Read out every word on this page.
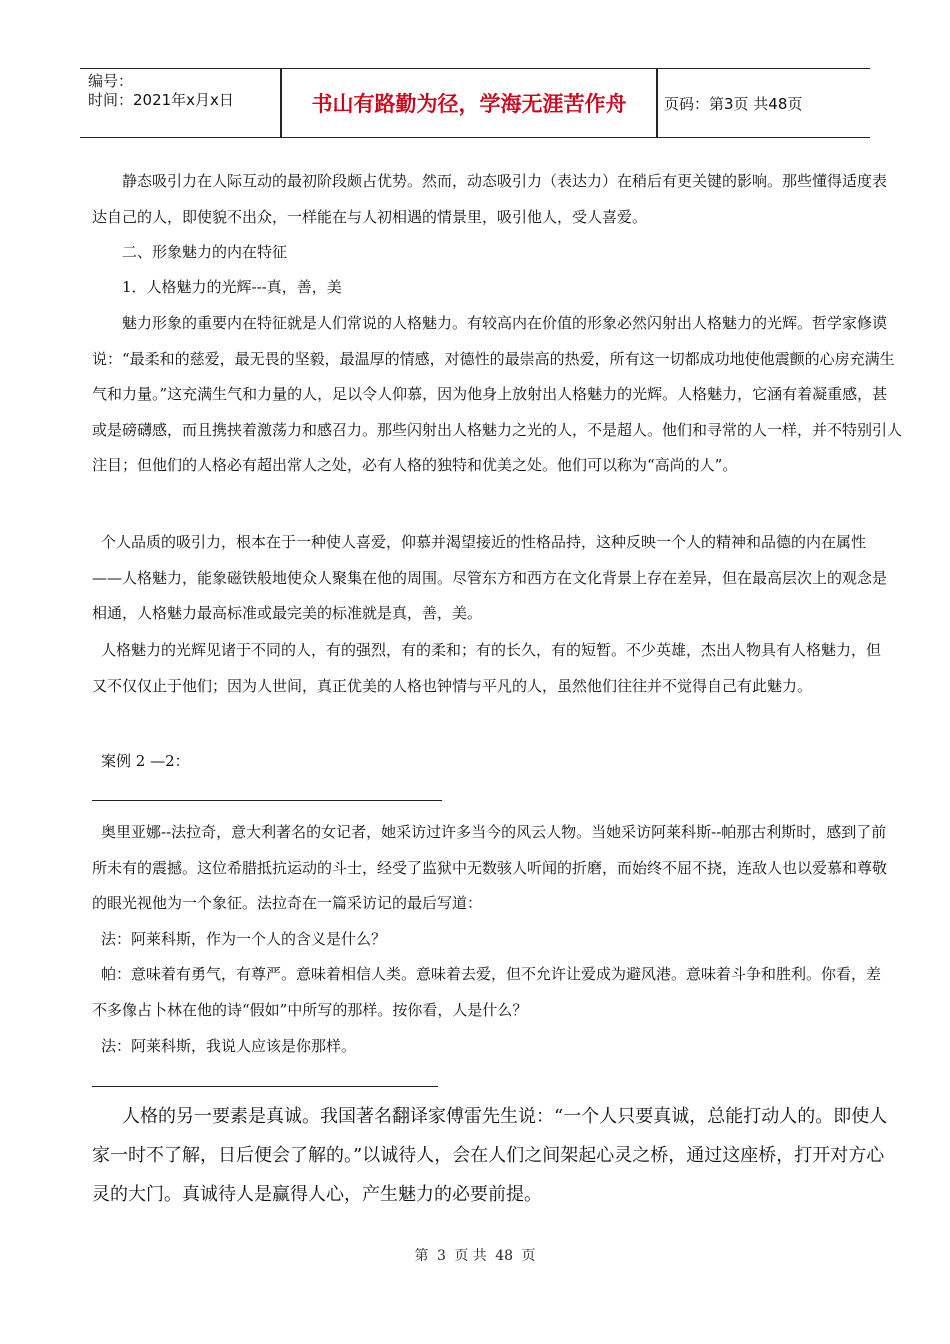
编号：
时间：2021年x月x日	书山有路勤为径，学海无涯苦作舟	页码：第3页 共48页

静态吸引力在人际互动的最初阶段颇占优势。然而，动态吸引力（表达力）在稍后有更关键的影响。那些懂得适度表达自己的人，即使貌不出众，一样能在与人初相遇的情景里，吸引他人，受人喜爱。

二、形象魅力的内在特征

1．人格魅力的光辉---真，善，美

魅力形象的重要内在特征就是人们常说的人格魅力。有较高内在价值的形象必然闪射出人格魅力的光辉。哲学家修谟说：“最柔和的慈爱，最无畏的坚毅，最温厚的情感，对德性的最崇高的热爱，所有这一切都成功地使他震颤的心房充满生气和力量。”这充满生气和力量的人，足以令人仰慕，因为他身上放射出人格魅力的光辉。人格魅力，它涵有着凝重感，甚或是磅礴感，而且携挟着激荡力和感召力。那些闪射出人格魅力之光的人，不是超人。他们和寻常的人一样，并不特别引人注目；但他们的人格必有超出常人之处，必有人格的独特和优美之处。他们可以称为“高尚的人”。

个人品质的吸引力，根本在于一种使人喜爱，仰慕并渴望接近的性格品持，这种反映一个人的精神和品德的内在属性——人格魅力，能象磁铁般地使众人聚集在他的周围。尽管东方和西方在文化背景上存在差异，但在最高层次上的观念是相通，人格魅力最高标准或最完美的标准就是真，善，美。

人格魅力的光辉见诸于不同的人，有的强烈，有的柔和；有的长久，有的短暂。不少英雄，杰出人物具有人格魅力，但又不仅仅止于他们；因为人世间，真正优美的人格也钟情与平凡的人，虽然他们往往并不觉得自己有此魅力。

案例 2 —2：

奥里亚娜--法拉奇，意大利著名的女记者，她采访过许多当今的风云人物。当她采访阿莱科斯--帕那古利斯时，感到了前所未有的震撼。这位希腊抵抗运动的斗士，经受了监狱中无数骇人听闻的折磨，而始终不屈不挠，连敌人也以爱慕和尊敬的眼光视他为一个象征。法拉奇在一篇采访记的最后写道：

法：阿莱科斯，作为一个人的含义是什么？

帕：意味着有勇气，有尊严。意味着相信人类。意味着去爱，但不允许让爱成为避风港。意味着斗争和胜利。你看，差不多像占卜林在他的诗“假如”中所写的那样。按你看，人是什么？

法：阿莱科斯，我说人应该是你那样。

人格的另一要素是真诚。我国著名翻译家傅雷先生说：“一个人只要真诚，总能打动人的。即使人家一时不了解，日后便会了解的。”以诚待人，会在人们之间架起心灵之桥，通过这座桥，打开对方心灵的大门。真诚待人是赢得人心，产生魅力的必要前提。

第 3 页 共 48 页
